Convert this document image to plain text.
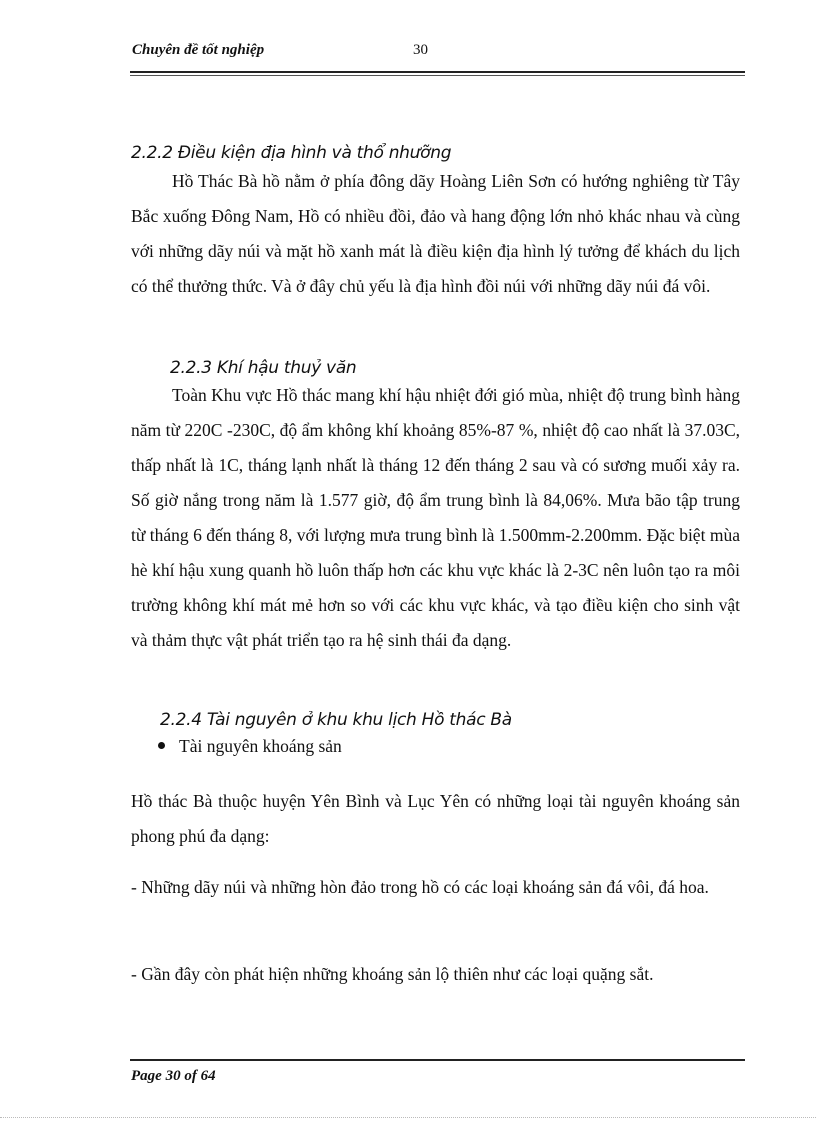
Chuyên đề tốt nghiệp	30
2.2.2 Điều kiện địa hình và thổ nhưỡng
Hồ Thác Bà hồ nằm ở phía đông dãy Hoàng Liên Sơn có hướng nghiêng từ Tây Bắc xuống Đông Nam, Hồ có nhiều đồi, đảo và hang động lớn nhỏ khác nhau và cùng với những dãy núi và mặt hồ xanh mát là điều kiện địa hình lý tưởng để khách du lịch có thể thưởng thức. Và ở đây chủ yếu là địa hình đồi núi với những dãy núi đá vôi.
2.2.3 Khí hậu thuỷ văn
Toàn Khu vực Hồ thác mang khí hậu nhiệt đới gió mùa, nhiệt độ trung bình hàng năm từ 220C -230C, độ ẩm không khí khoảng 85%-87 %, nhiệt độ cao nhất là 37.03C, thấp nhất là 1C, tháng lạnh nhất là tháng 12 đến tháng 2 sau và có sương muối xảy ra. Số giờ nắng trong năm là 1.577 giờ, độ ẩm trung bình là 84,06%. Mưa bão tập trung từ tháng 6 đến tháng 8, với lượng mưa trung bình là 1.500mm-2.200mm. Đặc biệt mùa hè khí hậu xung quanh hồ luôn thấp hơn các khu vực khác là 2-3C nên luôn tạo ra môi trường không khí mát mẻ hơn so với các khu vực khác, và tạo điều kiện cho sinh vật và thảm thực vật phát triển tạo ra hệ sinh thái đa dạng.
2.2.4 Tài nguyên ở khu khu lịch Hồ thác Bà
Tài nguyên khoáng sản
Hồ thác Bà thuộc huyện Yên Bình và Lục Yên có những loại tài nguyên khoáng sản phong phú đa dạng:
- Những dãy núi và những hòn đảo trong hồ có các loại khoáng sản đá vôi, đá hoa.
- Gần đây còn phát hiện những khoáng sản lộ thiên như các loại quặng sắt.
Page 30 of 64
